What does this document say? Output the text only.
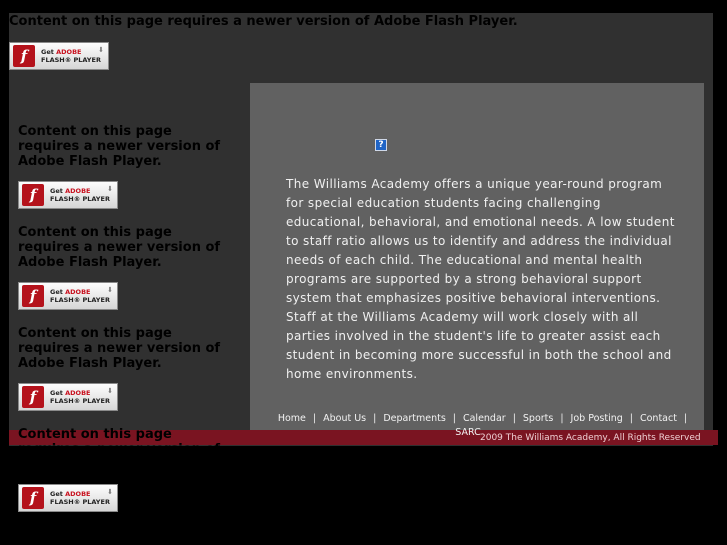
Content on this page requires a newer version of Adobe Flash Player.
f	Get ADOBE
FLASH® PLAYER
⬇
Content on this page requires a newer version of Adobe Flash Player.
f	Get ADOBE
FLASH® PLAYER
⬇
Content on this page requires a newer version of Adobe Flash Player.
f	Get ADOBE
FLASH® PLAYER
⬇
Content on this page requires a newer version of Adobe Flash Player.
f	Get ADOBE
FLASH® PLAYER
⬇
Content on this page requires a newer version of Adobe Flash Player.
f	Get ADOBE
FLASH® PLAYER
⬇
?

The Williams Academy offers a unique year-round program for special education students facing challenging educational, behavioral, and emotional needs. A low student to staff ratio allows us to identify and address the individual needs of each child. The educational and mental health programs are supported by a strong behavioral support system that emphasizes positive behavioral interventions. Staff at the Williams Academy will work closely with all parties involved in the student's life to greater assist each student in becoming more successful in both the school and home environments.

Home | About Us | Departments | Calendar | Sports | Job Posting | Contact |
SARC 2009 The Williams Academy, All Rights Reserved
